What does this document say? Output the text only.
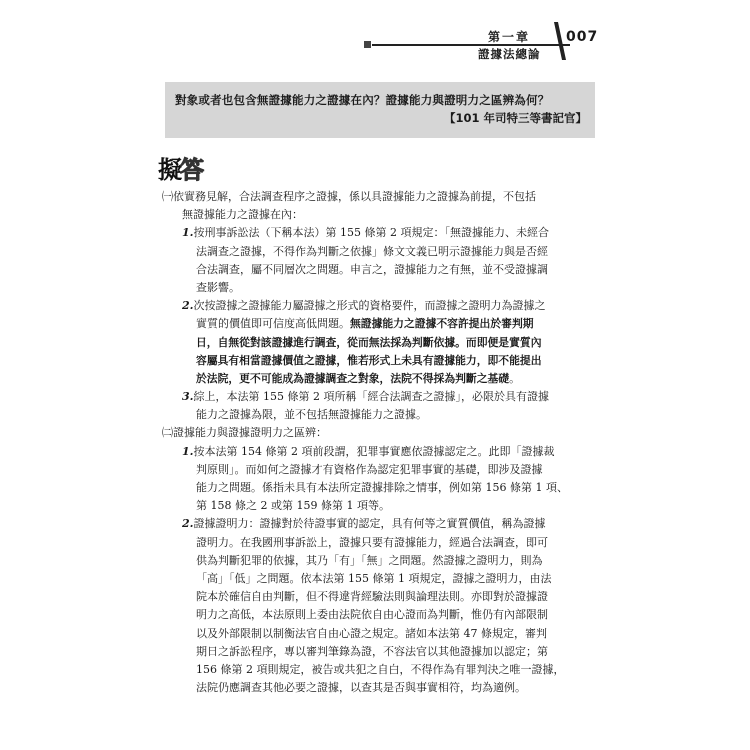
第一章
證據法總論
007
對象或者也包含無證據能力之證據在內？證據能力與證明力之區辨為何？
【101 年司特三等書記官】
擬答
㈠依實務見解，合法調查程序之證據，係以具證據能力之證據為前提，不包括
無證據能力之證據在內：
1.按刑事訴訟法（下稱本法）第 155 條第 2 項規定：「無證據能力、未經合
法調查之證據，不得作為判斷之依據」條文文義已明示證據能力與是否經
合法調查，屬不同層次之問題。申言之，證據能力之有無，並不受證據調
查影響。
2.次按證據之證據能力屬證據之形式的資格要件，而證據之證明力為證據之
實質的價值即可信度高低問題。無證據能力之證據不容許提出於審判期
日，自無從對該證據進行調查，從而無法採為判斷依據。而即便是實質內
容屬具有相當證據價值之證據，惟若形式上未具有證據能力，即不能提出
於法院，更不可能成為證據調查之對象，法院不得採為判斷之基礎。
3.綜上，本法第 155 條第 2 項所稱「經合法調查之證據」，必限於具有證據
能力之證據為限，並不包括無證據能力之證據。
㈡證據能力與證據證明力之區辨：
1.按本法第 154 條第 2 項前段謂，犯罪事實應依證據認定之。此即「證據裁
判原則」。而如何之證據才有資格作為認定犯罪事實的基礎，即涉及證據
能力之問題。係指未具有本法所定證據排除之情事，例如第 156 條第 1 項、
第 158 條之 2 或第 159 條第 1 項等。
2.證據證明力：證據對於待證事實的認定，具有何等之實質價值，稱為證據
證明力。在我國刑事訴訟上，證據只要有證據能力，經過合法調查，即可
供為判斷犯罪的依據，其乃「有」「無」之問題。然證據之證明力，則為
「高」「低」之問題。依本法第 155 條第 1 項規定，證據之證明力，由法
院本於確信自由判斷，但不得違背經驗法則與論理法則。亦即對於證據證
明力之高低，本法原則上委由法院依自由心證而為判斷，惟仍有內部限制
以及外部限制以制衡法官自由心證之規定。諸如本法第 47 條規定，審判
期日之訴訟程序，專以審判筆錄為證，不容法官以其他證據加以認定；第
156 條第 2 項則規定，被告或共犯之自白，不得作為有罪判決之唯一證據，
法院仍應調查其他必要之證據，以查其是否與事實相符，均為適例。
